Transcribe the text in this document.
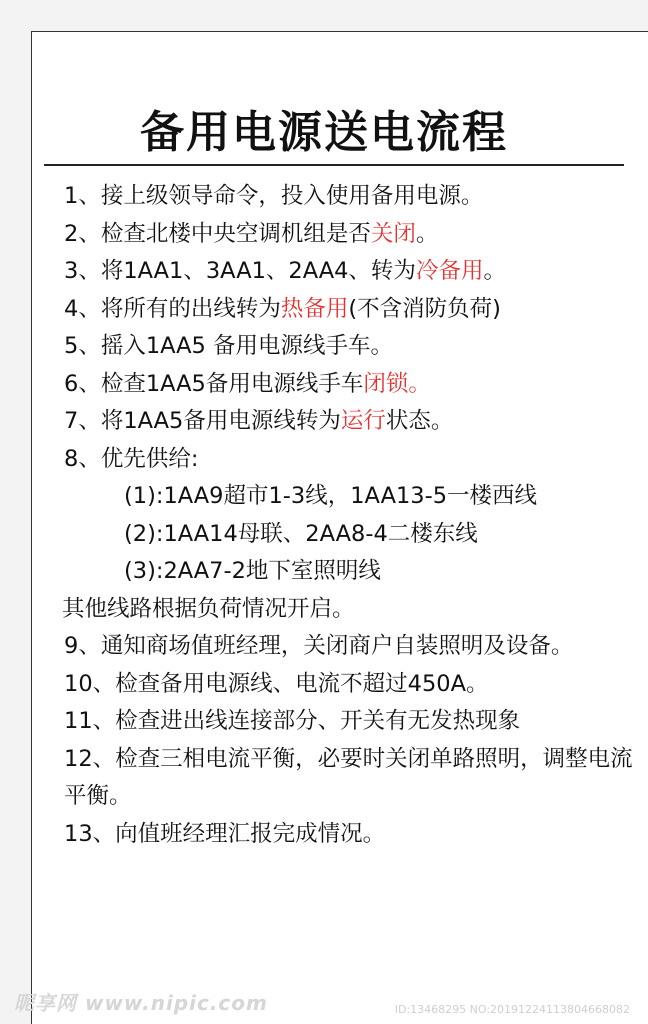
备用电源送电流程

1、接上级领导命令，投入使用备用电源。

2、检查北楼中央空调机组是否关闭。

3、将1AA1、3AA1、2AA4、转为冷备用。

4、将所有的出线转为热备用(不含消防负荷)

5、摇入1AA5 备用电源线手车。

6、检查1AA5备用电源线手车闭锁。

7、将1AA5备用电源线转为运行状态。

8、优先供给:

(1):1AA9超市1-3线，1AA13-5一楼西线

(2):1AA14母联、2AA8-4二楼东线

(3):2AA7-2地下室照明线

其他线路根据负荷情况开启。

9、通知商场值班经理，关闭商户自装照明及设备。

10、检查备用电源线、电流不超过450A。

11、检查进出线连接部分、开关有无发热现象

12、检查三相电流平衡，必要时关闭单路照明，调整电流平衡。

13、向值班经理汇报完成情况。

昵享网 www.nipic.com	ID:13468295 NO:20191224113804668082
